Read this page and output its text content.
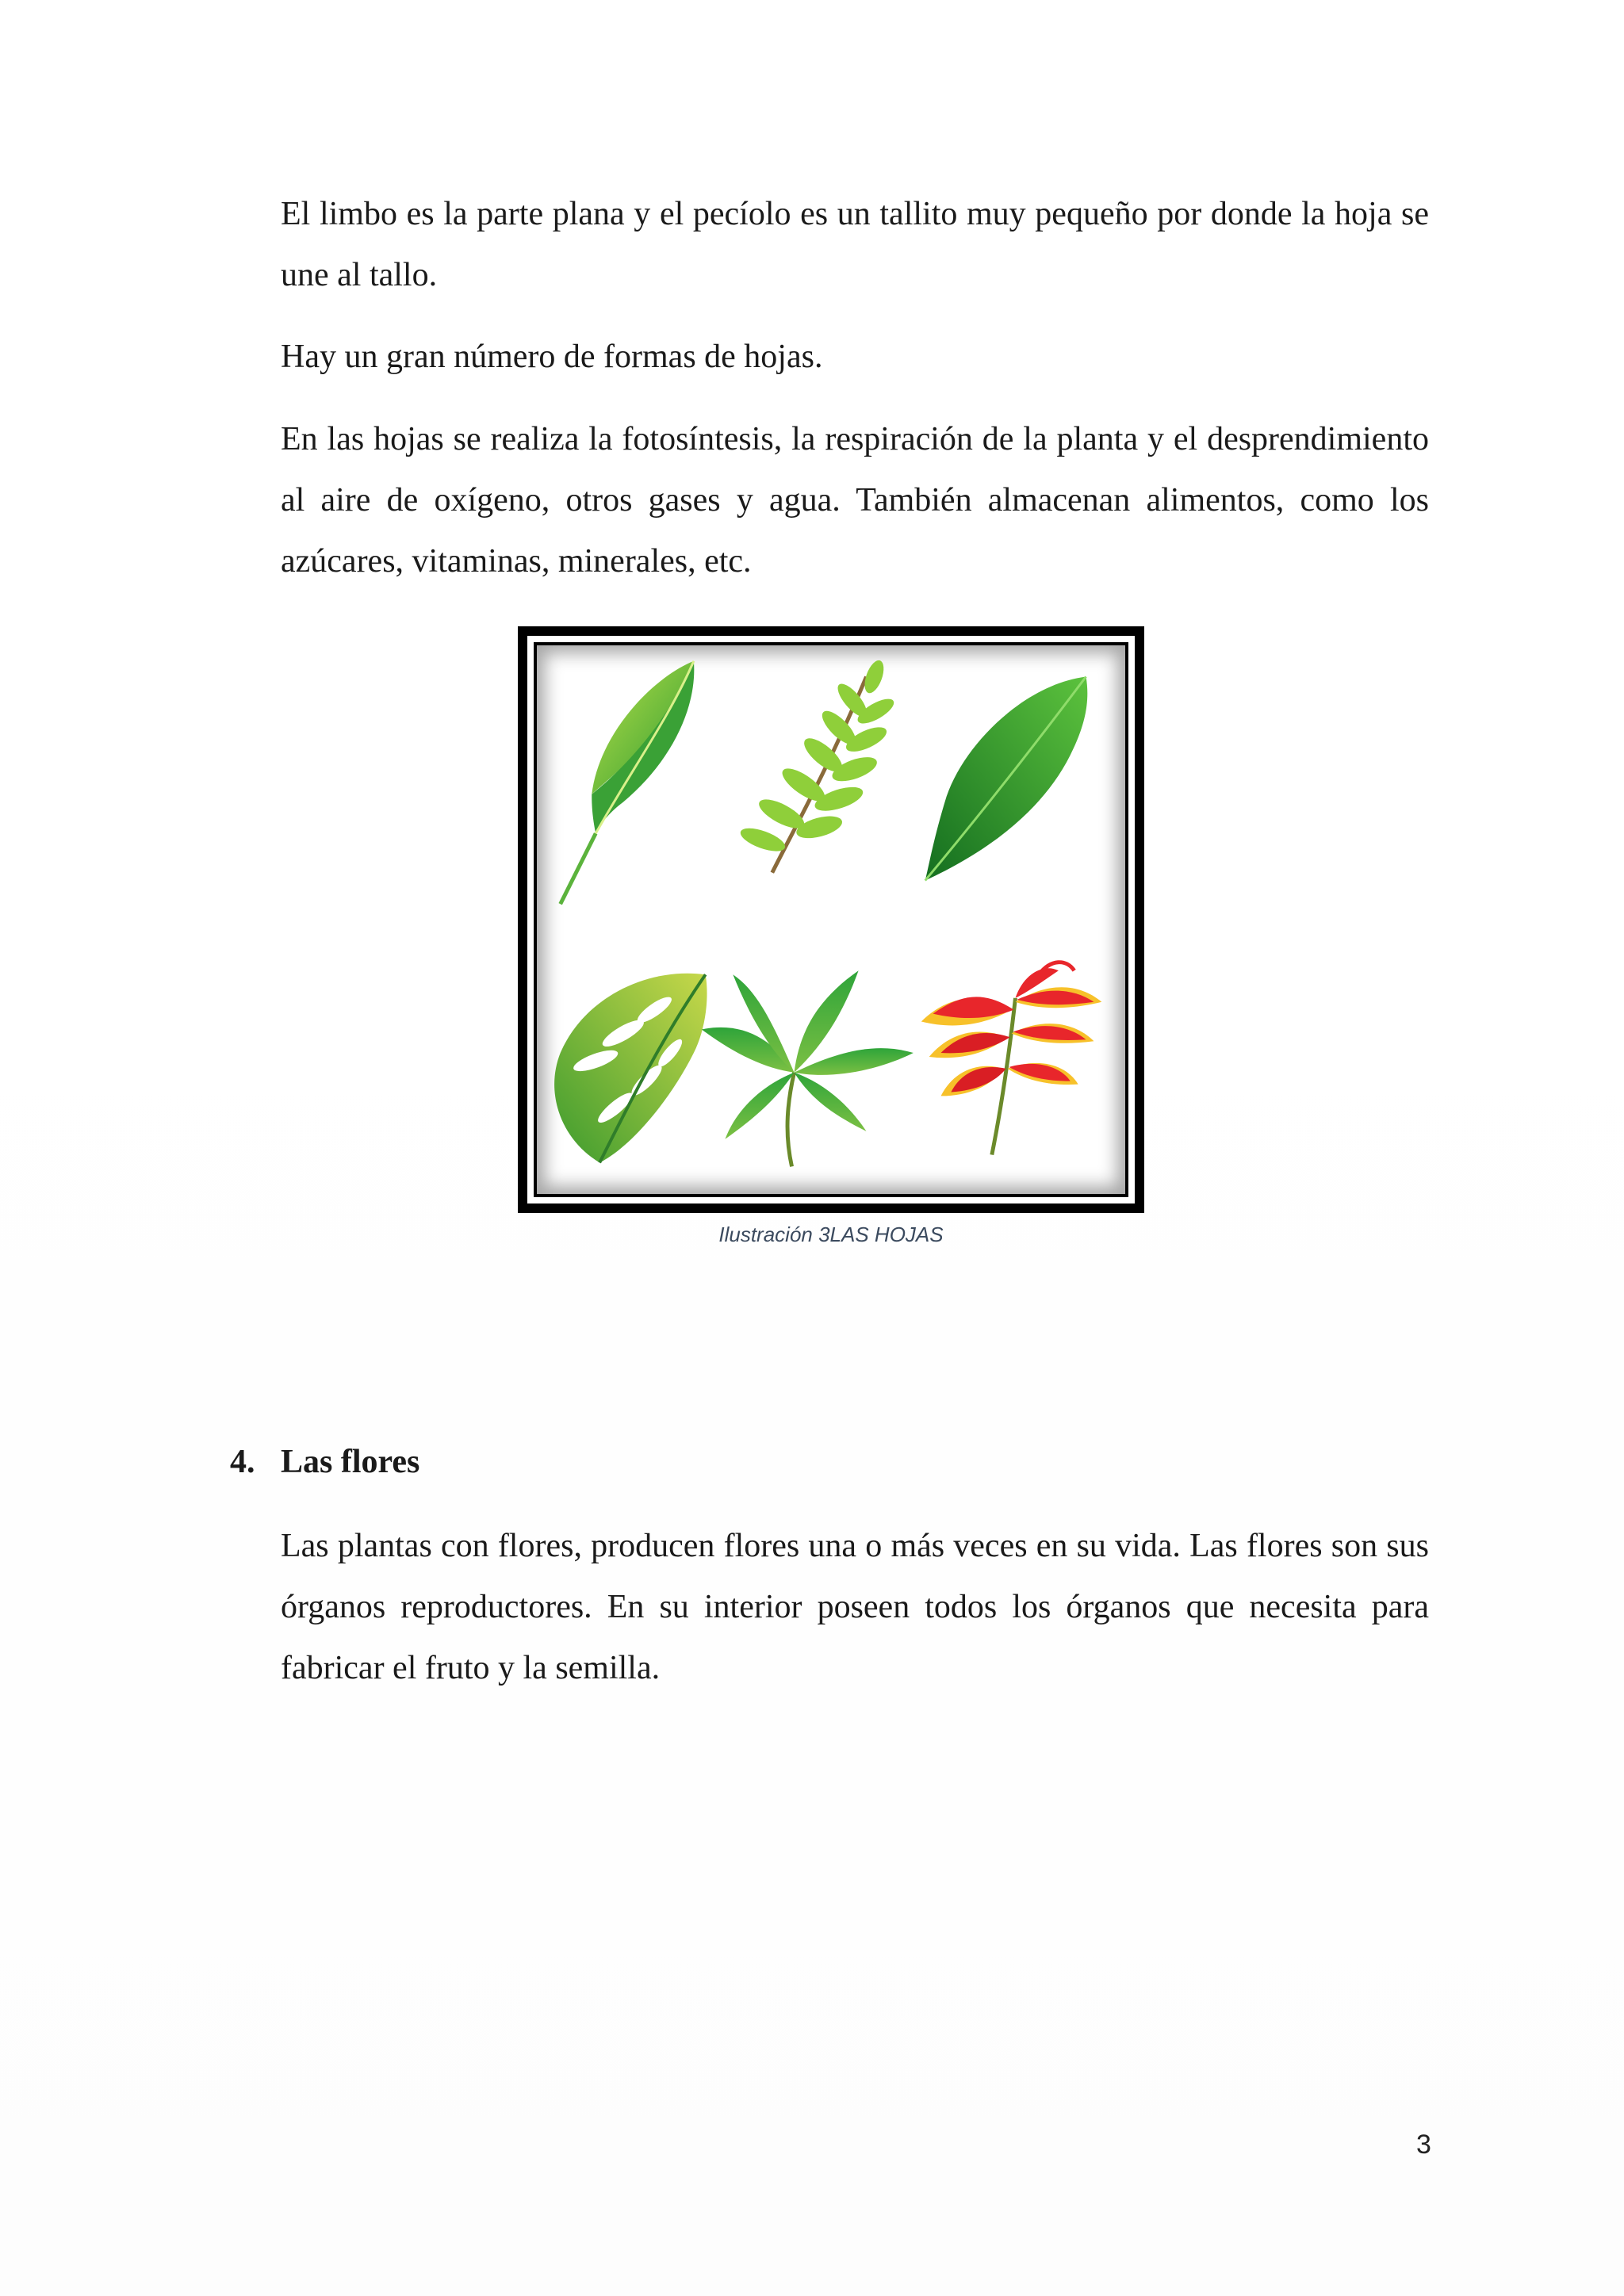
El limbo es la parte plana y el pecíolo es un tallito muy pequeño por donde la hoja se une al tallo.

Hay un gran número de formas de hojas.

En las hojas se realiza la fotosíntesis, la respiración de la planta y el desprendimiento al aire de oxígeno, otros gases y agua. También almacenan alimentos, como los azúcares, vitaminas, minerales, etc.

Ilustración 3LAS HOJAS

4. Las flores

Las plantas con flores, producen flores una o más veces en su vida. Las flores son sus órganos reproductores. En su interior poseen todos los órganos que necesita para fabricar el fruto y la semilla.

3
